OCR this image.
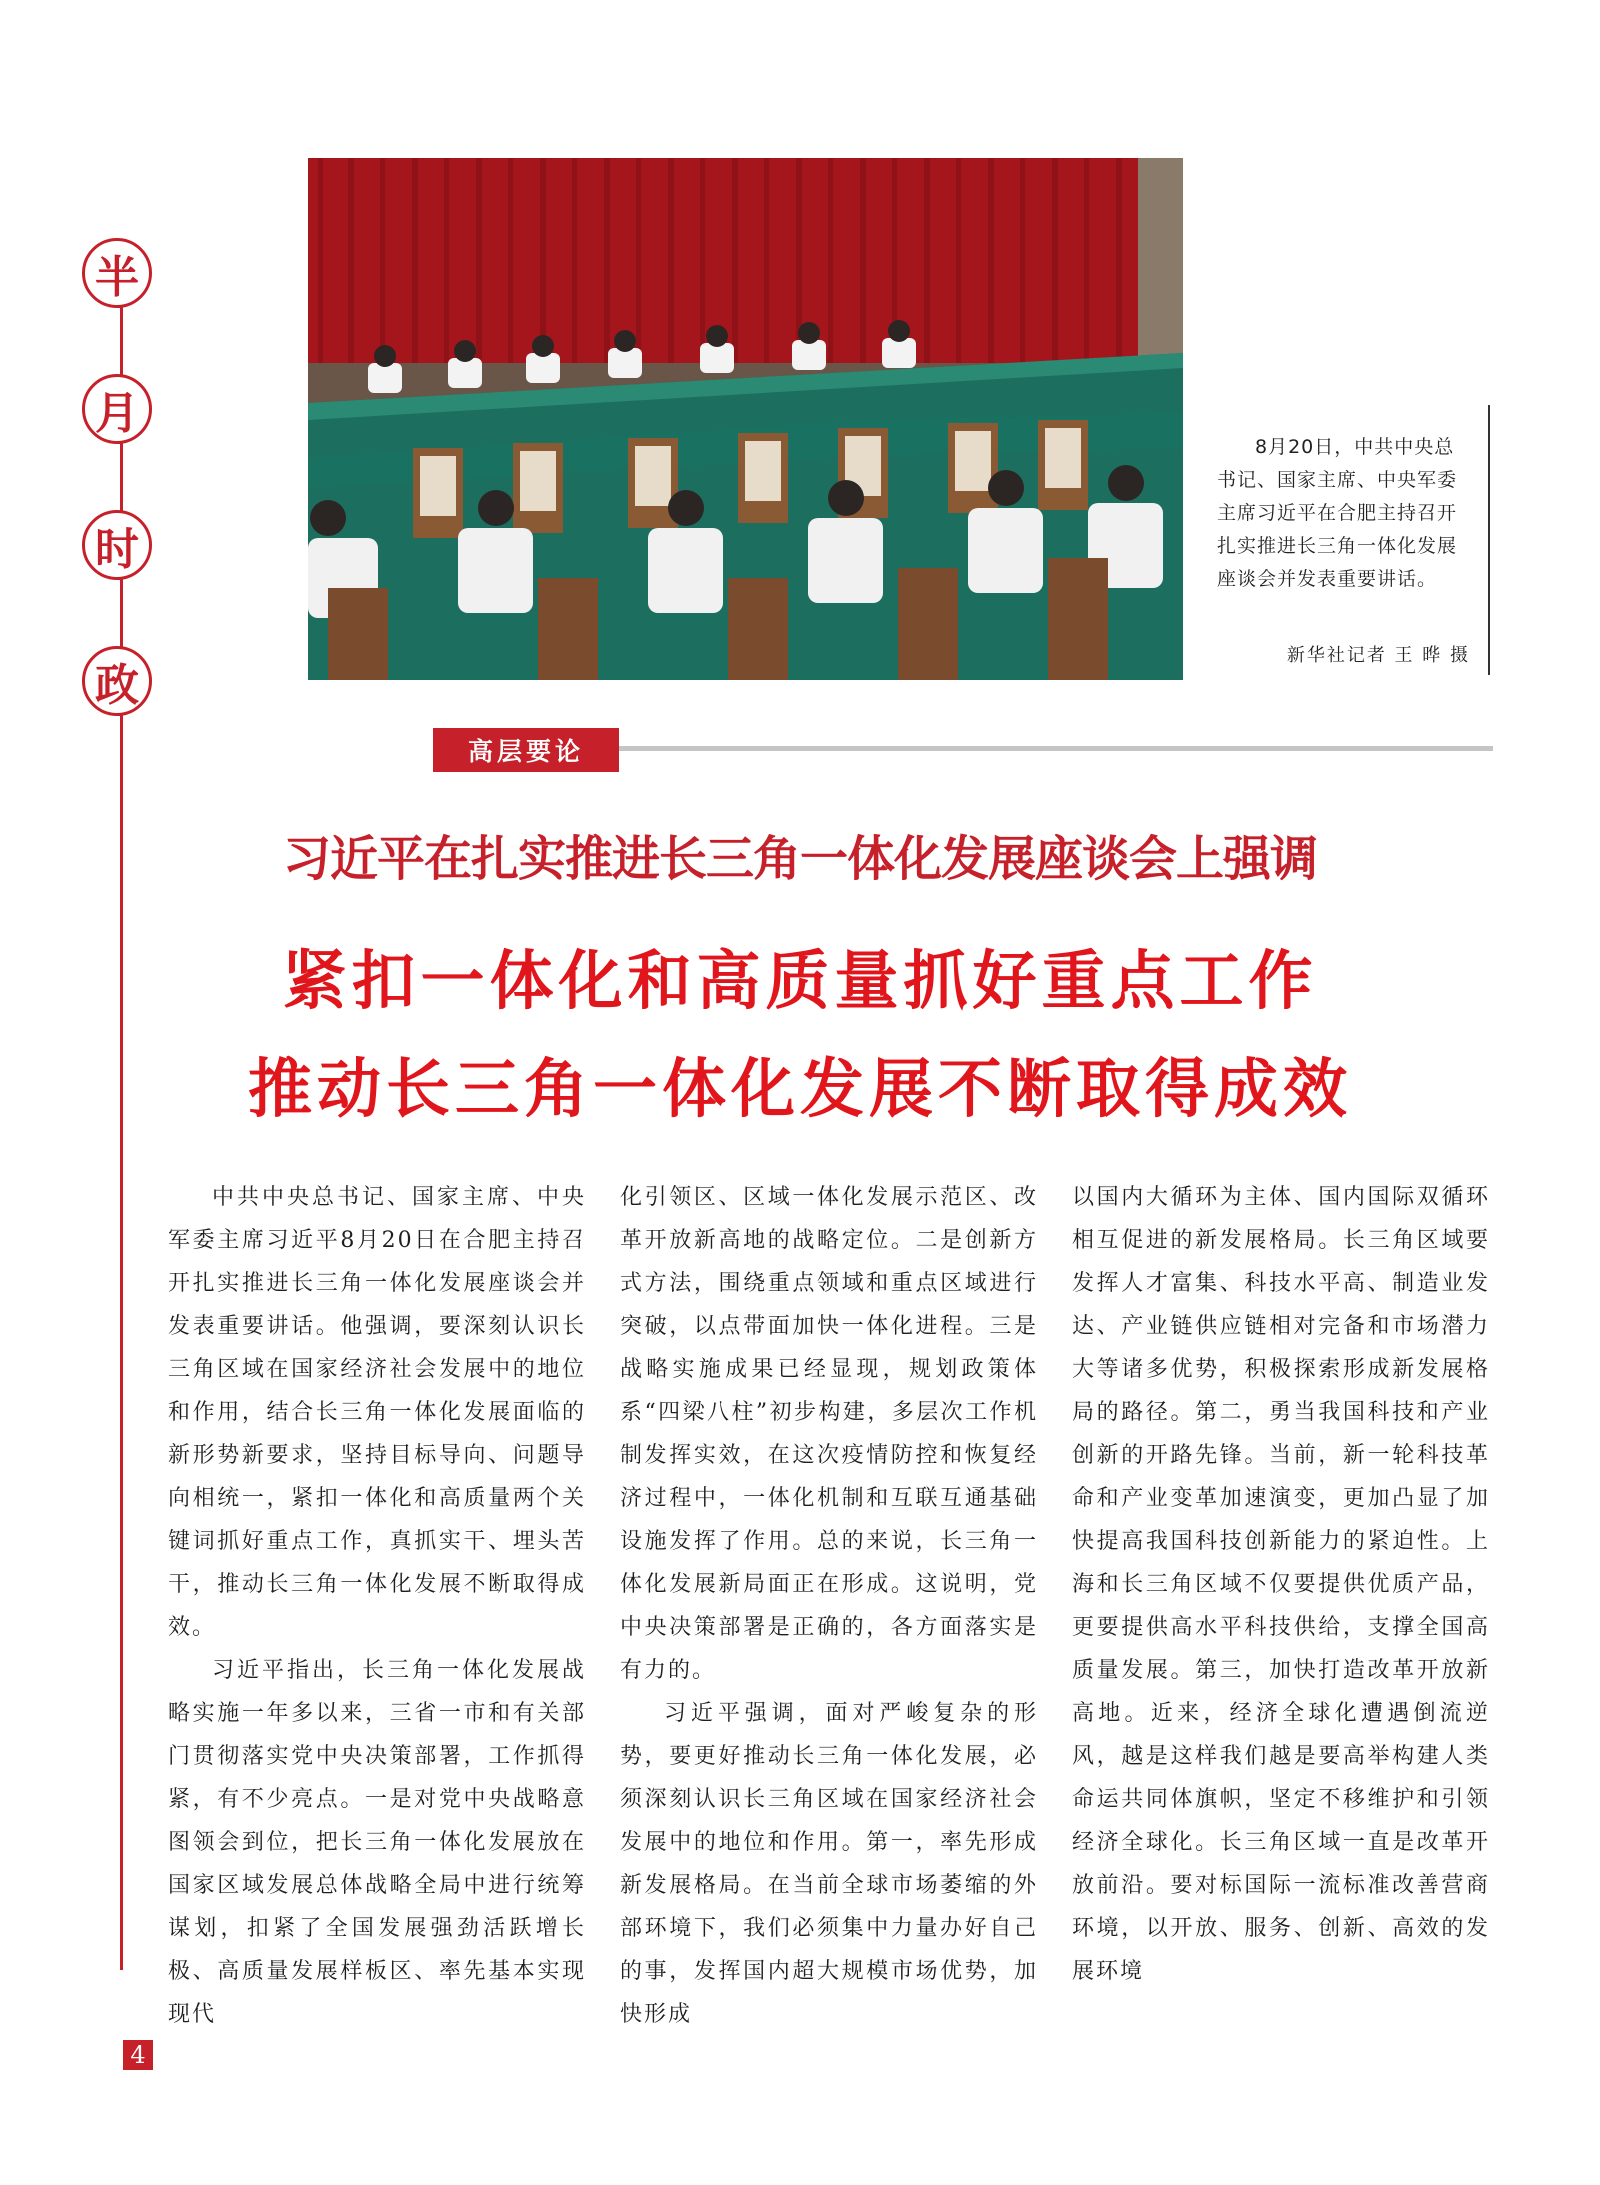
半
月
时
政
8月20日，中共中央总书记、国家主席、中央军委主席习近平在合肥主持召开扎实推进长三角一体化发展座谈会并发表重要讲话。
新华社记者 王 晔 摄
高层要论
习近平在扎实推进长三角一体化发展座谈会上强调
紧扣一体化和高质量抓好重点工作
推动长三角一体化发展不断取得成效

中共中央总书记、国家主席、中央军委主席习近平8月20日在合肥主持召开扎实推进长三角一体化发展座谈会并发表重要讲话。他强调，要深刻认识长三角区域在国家经济社会发展中的地位和作用，结合长三角一体化发展面临的新形势新要求，坚持目标导向、问题导向相统一，紧扣一体化和高质量两个关键词抓好重点工作，真抓实干、埋头苦干，推动长三角一体化发展不断取得成效。

习近平指出，长三角一体化发展战略实施一年多以来，三省一市和有关部门贯彻落实党中央决策部署，工作抓得紧，有不少亮点。一是对党中央战略意图领会到位，把长三角一体化发展放在国家区域发展总体战略全局中进行统筹谋划，扣紧了全国发展强劲活跃增长极、高质量发展样板区、率先基本实现现代

化引领区、区域一体化发展示范区、改革开放新高地的战略定位。二是创新方式方法，围绕重点领域和重点区域进行突破，以点带面加快一体化进程。三是战略实施成果已经显现，规划政策体系“四梁八柱”初步构建，多层次工作机制发挥实效，在这次疫情防控和恢复经济过程中，一体化机制和互联互通基础设施发挥了作用。总的来说，长三角一体化发展新局面正在形成。这说明，党中央决策部署是正确的，各方面落实是有力的。

习近平强调，面对严峻复杂的形势，要更好推动长三角一体化发展，必须深刻认识长三角区域在国家经济社会发展中的地位和作用。第一，率先形成新发展格局。在当前全球市场萎缩的外部环境下，我们必须集中力量办好自己的事，发挥国内超大规模市场优势，加快形成

以国内大循环为主体、国内国际双循环相互促进的新发展格局。长三角区域要发挥人才富集、科技水平高、制造业发达、产业链供应链相对完备和市场潜力大等诸多优势，积极探索形成新发展格局的路径。第二，勇当我国科技和产业创新的开路先锋。当前，新一轮科技革命和产业变革加速演变，更加凸显了加快提高我国科技创新能力的紧迫性。上海和长三角区域不仅要提供优质产品，更要提供高水平科技供给，支撑全国高质量发展。第三，加快打造改革开放新高地。近来，经济全球化遭遇倒流逆风，越是这样我们越是要高举构建人类命运共同体旗帜，坚定不移维护和引领经济全球化。长三角区域一直是改革开放前沿。要对标国际一流标准改善营商环境，以开放、服务、创新、高效的发展环境

4
